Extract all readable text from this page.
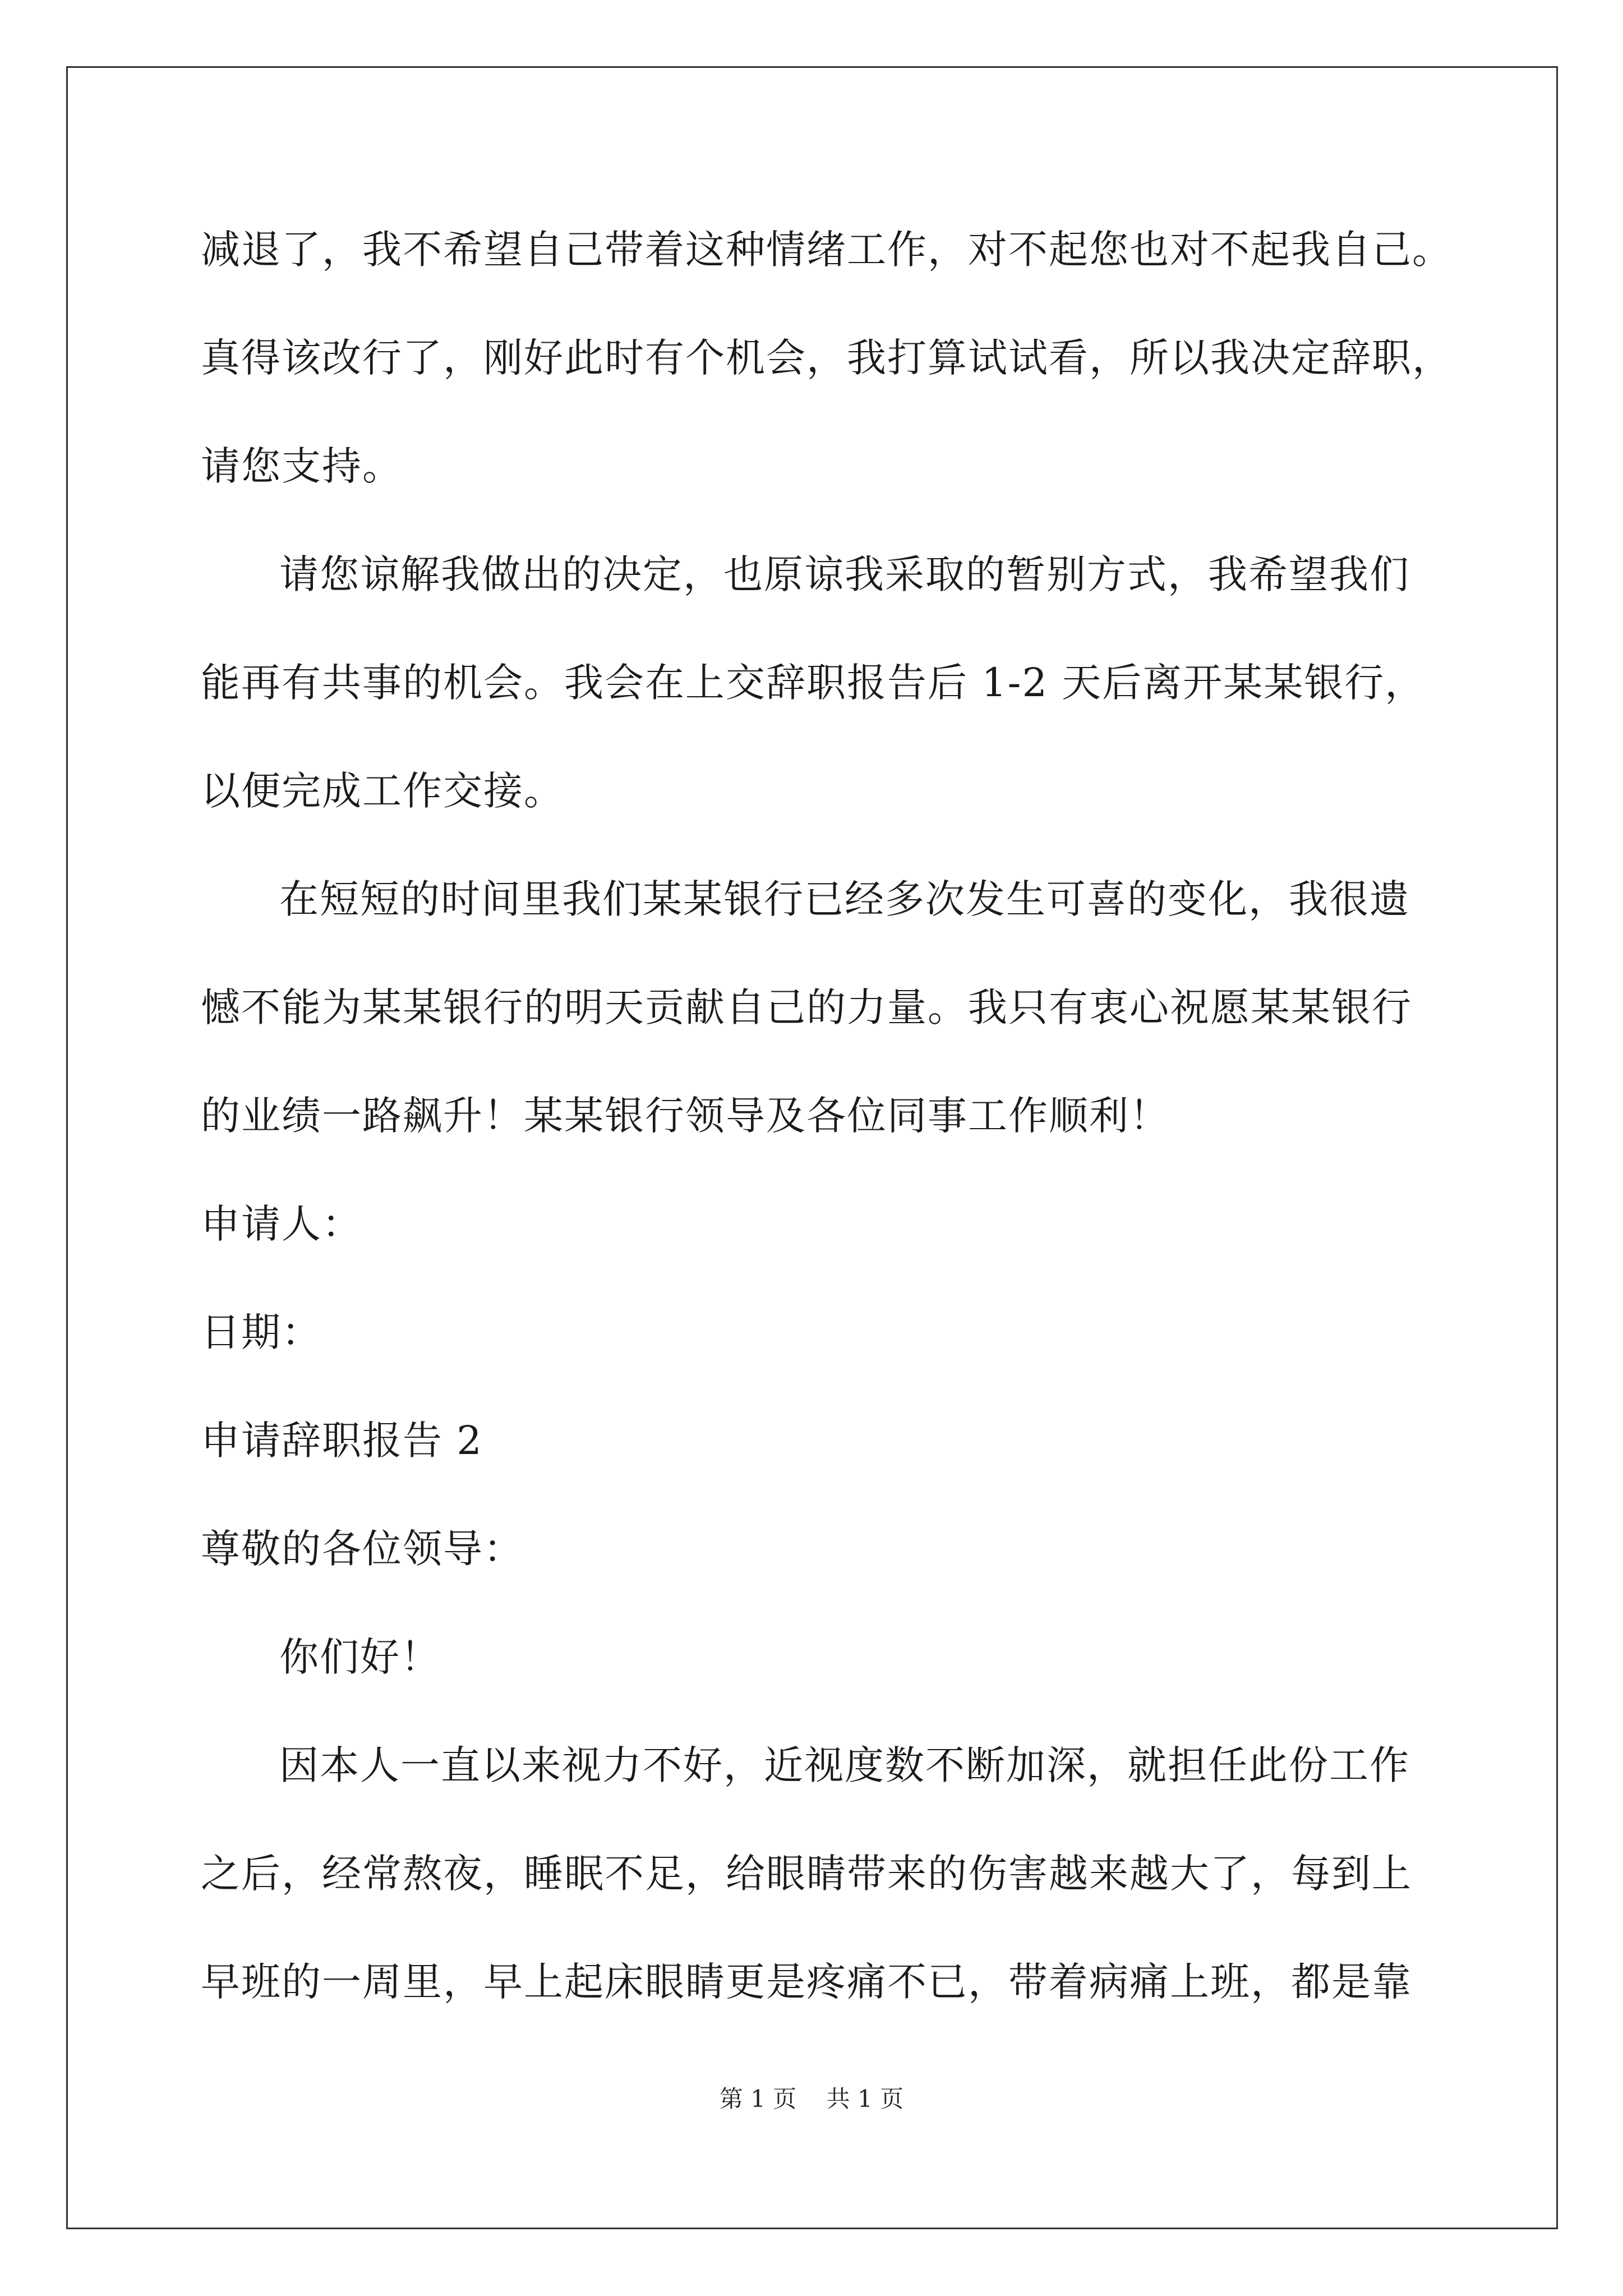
减退了，我不希望自己带着这种情绪工作，对不起您也对不起我自己。
真得该改行了，刚好此时有个机会，我打算试试看，所以我决定辞职，
请您支持。
请您谅解我做出的决定，也原谅我采取的暂别方式，我希望我们
能再有共事的机会。我会在上交辞职报告后 1-2 天后离开某某银行，
以便完成工作交接。
在短短的时间里我们某某银行已经多次发生可喜的变化，我很遗
憾不能为某某银行的明天贡献自己的力量。我只有衷心祝愿某某银行
的业绩一路飙升！某某银行领导及各位同事工作顺利！
申请人：
日期：
申请辞职报告 2
尊敬的各位领导：
你们好！
因本人一直以来视力不好，近视度数不断加深，就担任此份工作
之后，经常熬夜，睡眠不足，给眼睛带来的伤害越来越大了，每到上
早班的一周里，早上起床眼睛更是疼痛不已，带着病痛上班，都是靠
第 1 页 共 1 页
